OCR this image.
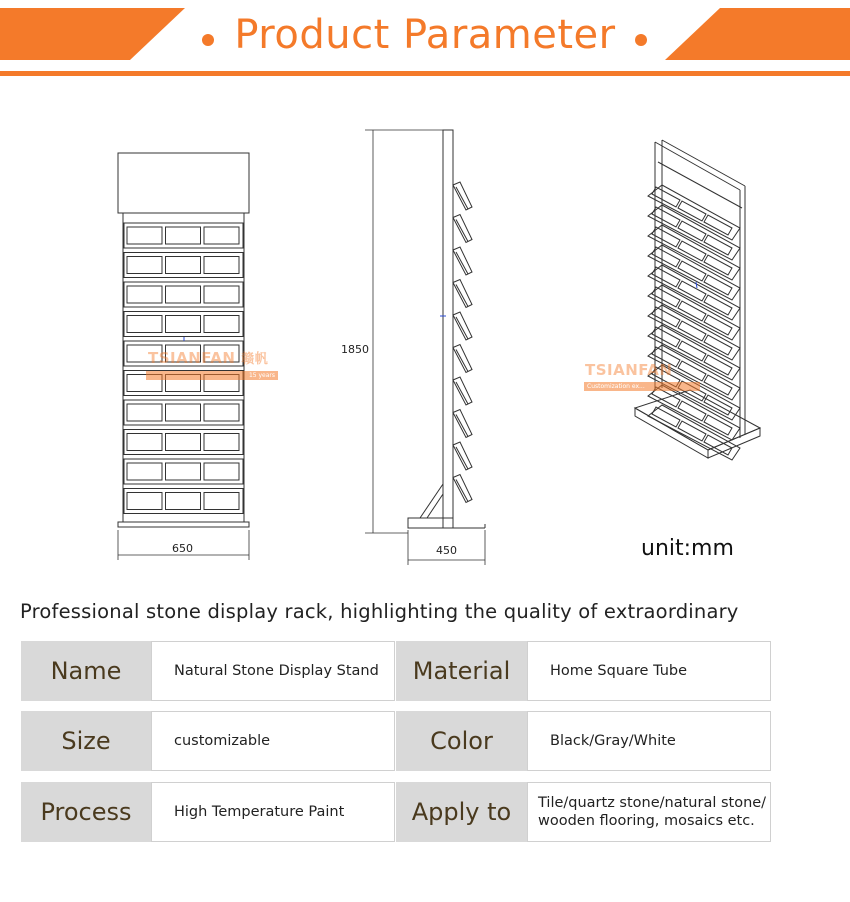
Product Parameter
650
1850
450
TSIANFAN 赣帆
15 years	TSIANFAN
Customization ex...
unit:mm
Professional stone display rack, highlighting the quality of extraordinary
Name	Natural Stone Display Stand	Material	Home Square Tube
Size	customizable	Color	Black/Gray/White
Process	High Temperature Paint	Apply to	Tile/quartz stone/natural stone/
wooden flooring, mosaics etc.
